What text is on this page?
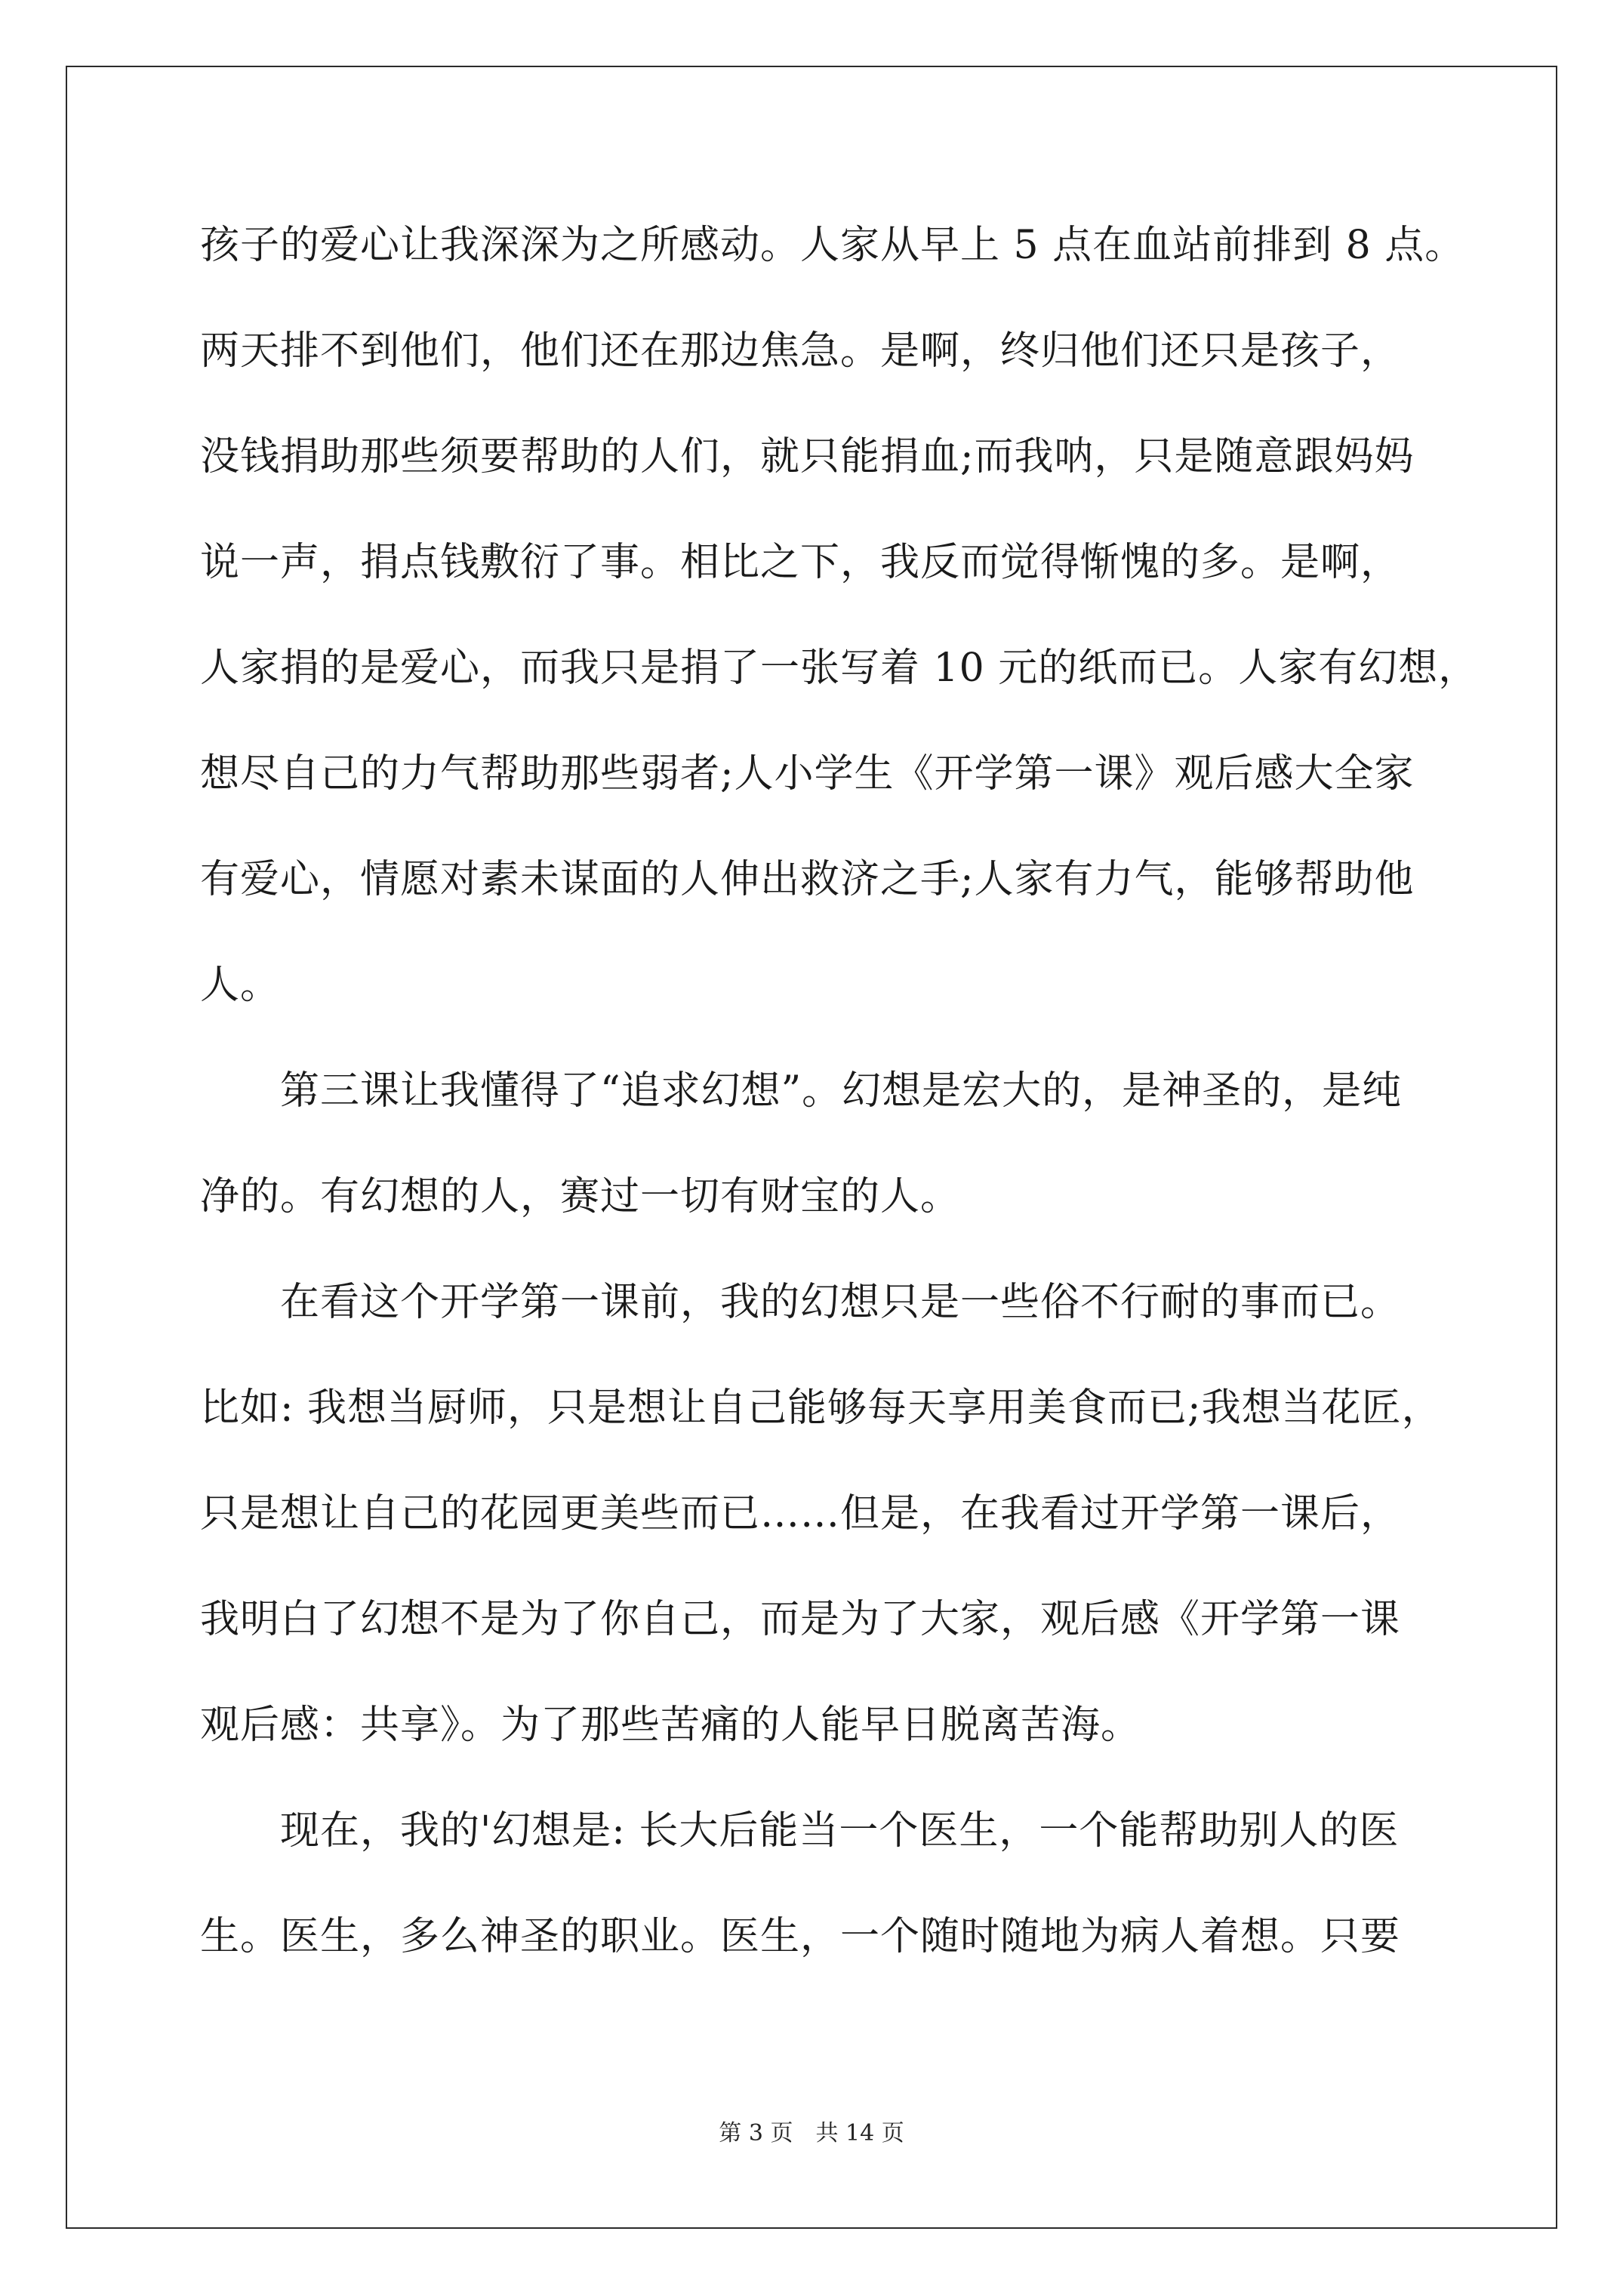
孩子的爱心让我深深为之所感动。人家从早上 5 点在血站前排到 8 点。
两天排不到他们，他们还在那边焦急。是啊，终归他们还只是孩子，
没钱捐助那些须要帮助的人们，就只能捐血;而我呐，只是随意跟妈妈
说一声，捐点钱敷衍了事。相比之下，我反而觉得惭愧的多。是啊，
人家捐的是爱心，而我只是捐了一张写着 10 元的纸而已。人家有幻想，
想尽自己的力气帮助那些弱者;人小学生《开学第一课》观后感大全家
有爱心，情愿对素未谋面的人伸出救济之手;人家有力气，能够帮助他
人。
第三课让我懂得了“追求幻想”。幻想是宏大的，是神圣的，是纯
净的。有幻想的人，赛过一切有财宝的人。
在看这个开学第一课前，我的幻想只是一些俗不行耐的事而已。
比如: 我想当厨师，只是想让自己能够每天享用美食而已;我想当花匠，
只是想让自己的花园更美些而已……但是，在我看过开学第一课后，
我明白了幻想不是为了你自己，而是为了大家，观后感《开学第一课
观后感：共享》。为了那些苦痛的人能早日脱离苦海。
现在，我的'幻想是: 长大后能当一个医生，一个能帮助别人的医
生。医生，多么神圣的职业。医生，一个随时随地为病人着想。只要
第 3 页　共 14 页
